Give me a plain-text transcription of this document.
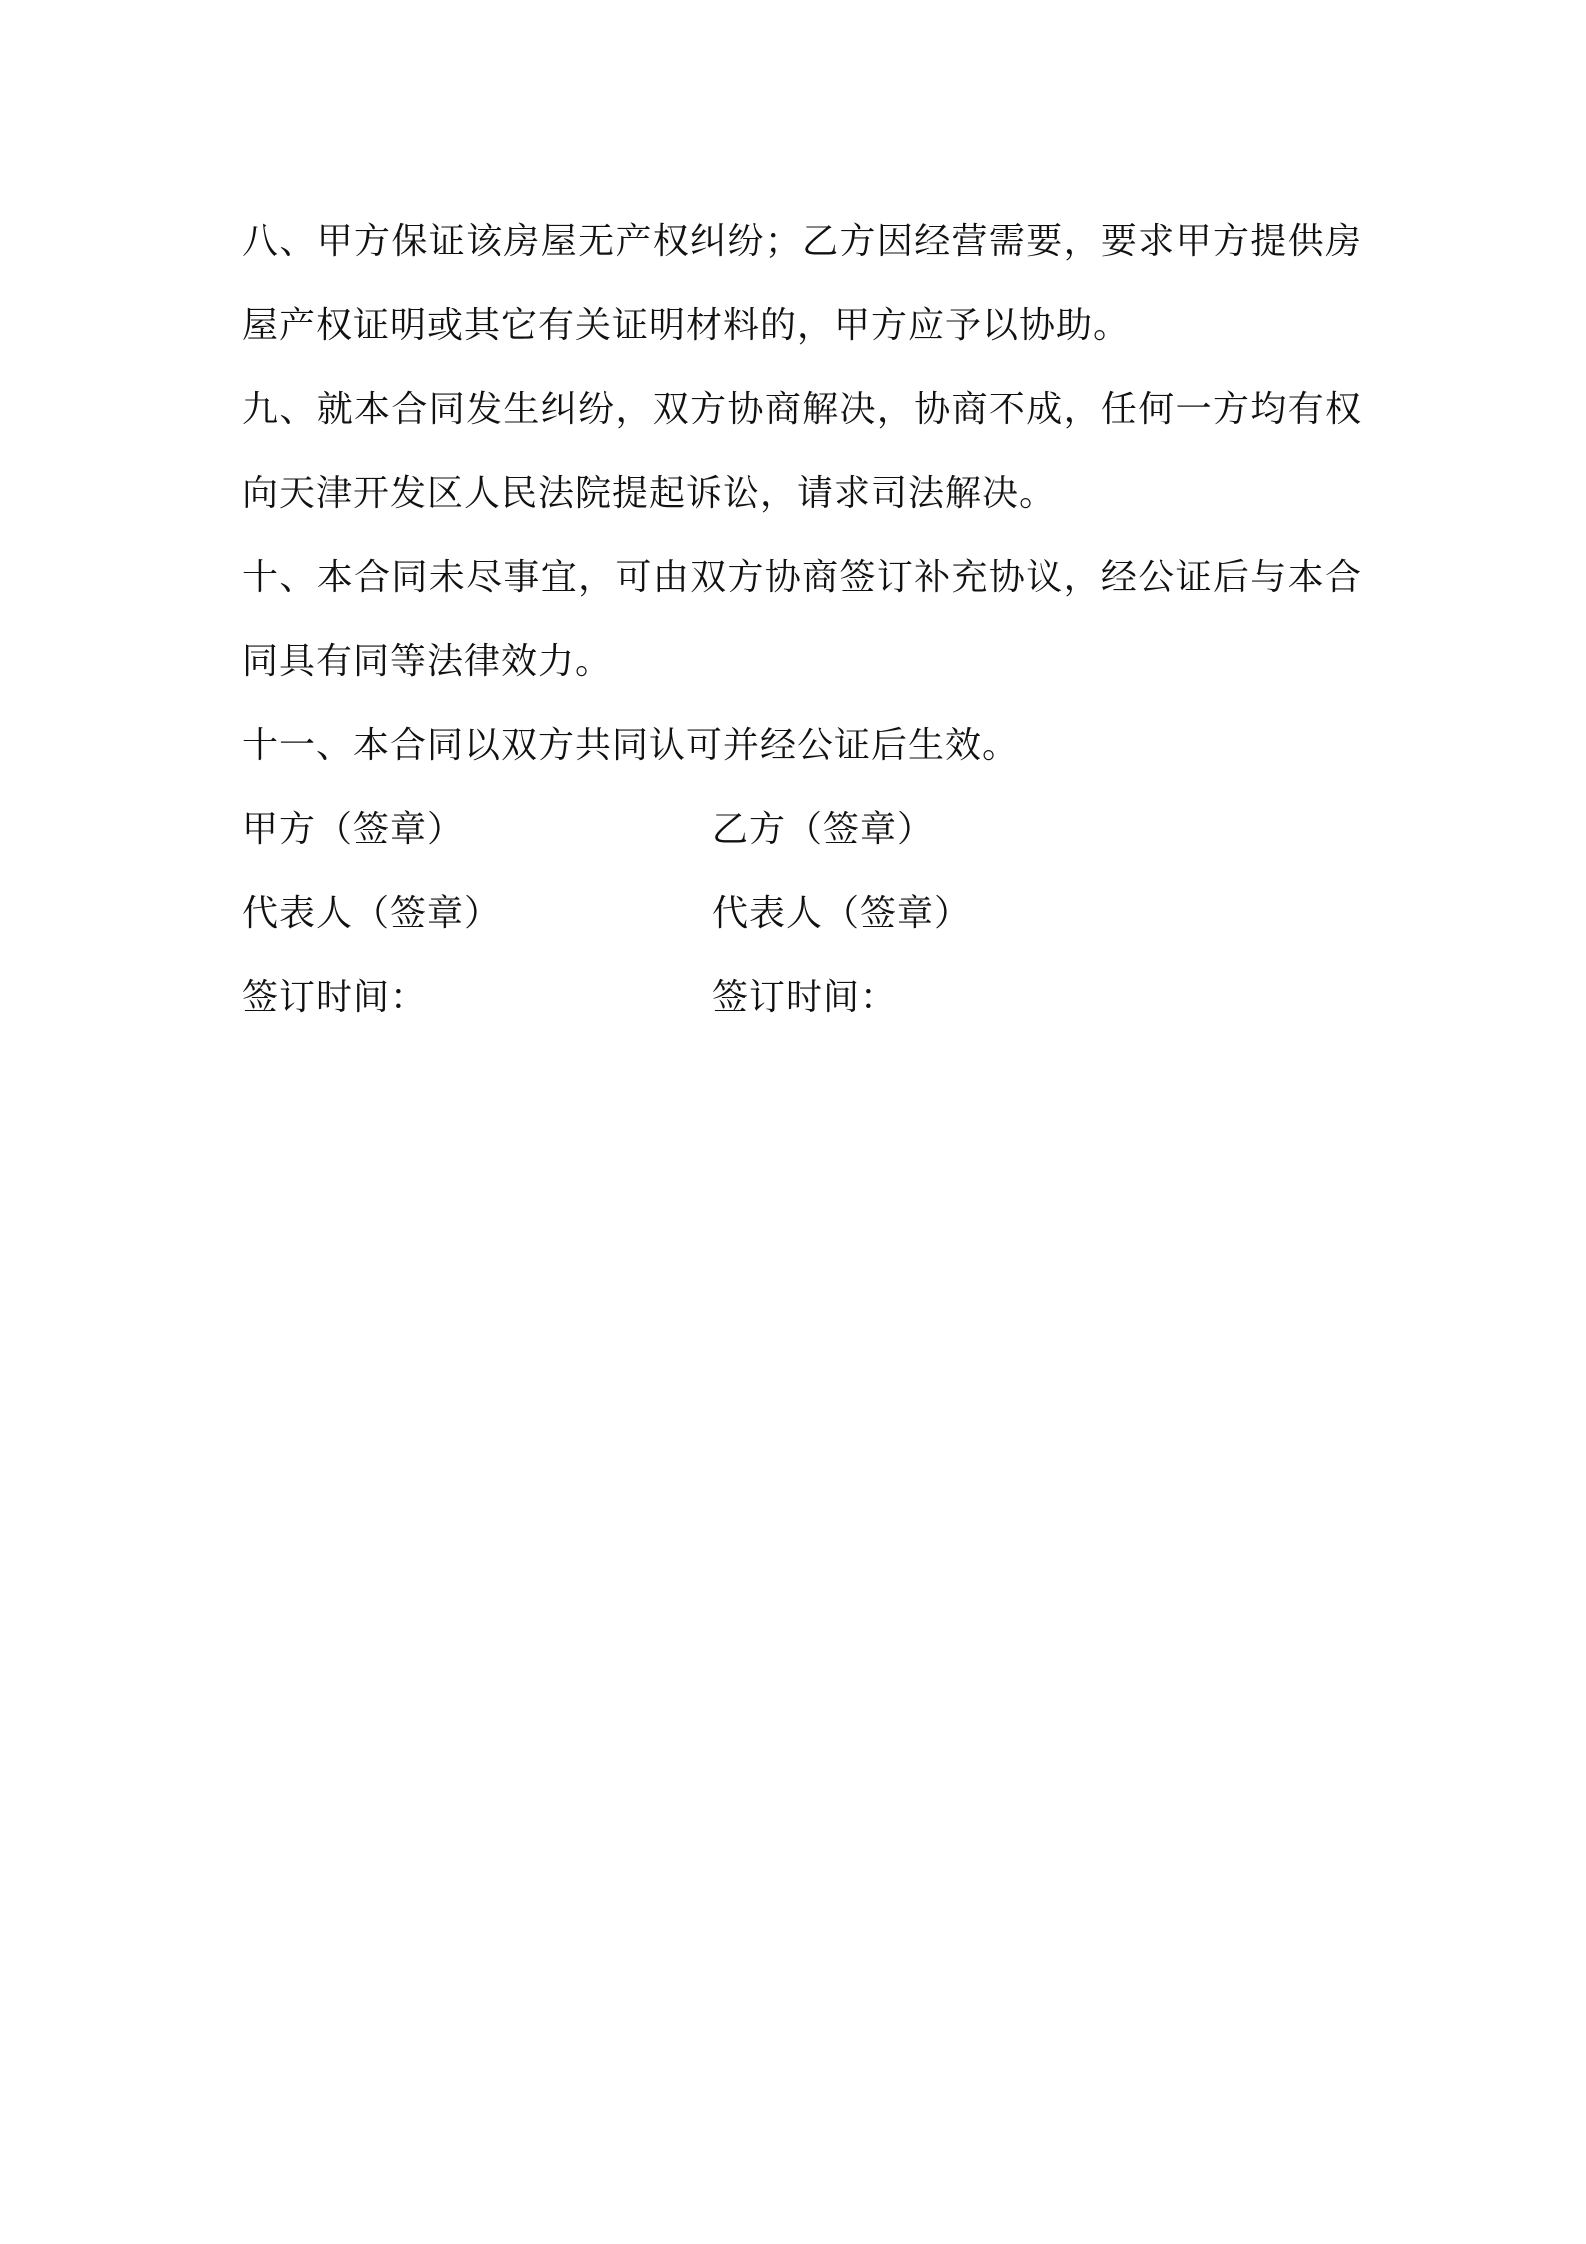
八、甲方保证该房屋无产权纠纷；乙方因经营需要，要求甲方提供房屋产权证明或其它有关证明材料的，甲方应予以协助。

九、就本合同发生纠纷，双方协商解决，协商不成，任何一方均有权向天津开发区人民法院提起诉讼，请求司法解决。

十、本合同未尽事宜，可由双方协商签订补充协议，经公证后与本合同具有同等法律效力。

十一、本合同以双方共同认可并经公证后生效。

甲方（签章）	乙方（签章）
代表人（签章）	代表人（签章）
签订时间：	签订时间：
